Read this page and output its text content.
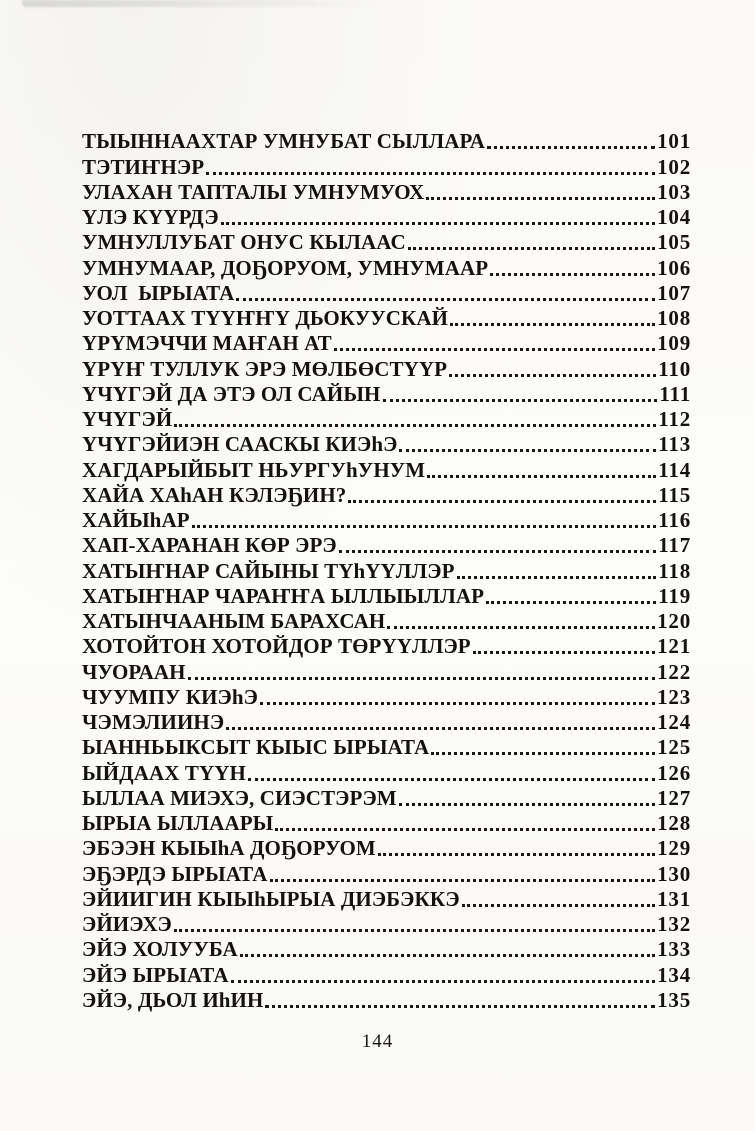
ТЫЫННААХТАР УМНУБАТ СЫЛЛАРА	101
ТЭТИҤНЭР	102
УЛАХАН ТАПТАЛЫ УМНУМУОХ	103
ҮЛЭ КҮҮРДЭ	104
УМНУЛЛУБАТ ОНУС КЫЛААС	105
УМНУМААР, ДОҔОРУОМ, УМНУМААР	106
УОЛ  ЫРЫАТА	107
УОТТААХ ТҮҮҤҤҮ ДЬОКУУСКАЙ	108
ҮРҮМЭЧЧИ МАҤАН АТ	109
ҮРҮҤ ТУЛЛУК ЭРЭ МӨЛБӨСТҮҮР	110
ҮЧҮГЭЙ ДА ЭТЭ ОЛ САЙЫН	111
ҮЧҮГЭЙ	112
ҮЧҮГЭЙИЭН СААСКЫ КИЭһЭ	113
ХАГДАРЫЙБЫТ НЬУРГУһУНУМ	114
ХАЙА ХАһАН КЭЛЭҔИН?	115
ХАЙЫһАР	116
ХАП-ХАРАНАН КӨР ЭРЭ	117
ХАТЫҤНАР САЙЫНЫ ТҮһҮҮЛЛЭР	118
ХАТЫҤНАР ЧАРАҤҤА ЫЛЛЫЫЛЛАР	119
ХАТЫНЧААНЫМ БАРАХСАН	120
ХОТОЙТОН ХОТОЙДОР ТӨРҮҮЛЛЭР	121
ЧУОРААН	122
ЧУУМПУ КИЭһЭ	123
ЧЭМЭЛИИНЭ	124
ЫАННЬЫКСЫТ КЫЫС ЫРЫАТА	125
ЫЙДААХ ТҮҮН	126
ЫЛЛАА МИЭХЭ, СИЭСТЭРЭМ	127
ЫРЫА ЫЛЛААРЫ	128
ЭБЭЭН КЫЫһА ДОҔОРУОМ	129
ЭҔЭРДЭ ЫРЫАТА	130
ЭЙИИГИН КЫЫһЫРЫА ДИЭБЭККЭ	131
ЭЙИЭХЭ	132
ЭЙЭ ХОЛУУБА	133
ЭЙЭ ЫРЫАТА	134
ЭЙЭ, ДЬОЛ ИһИН	135
144
